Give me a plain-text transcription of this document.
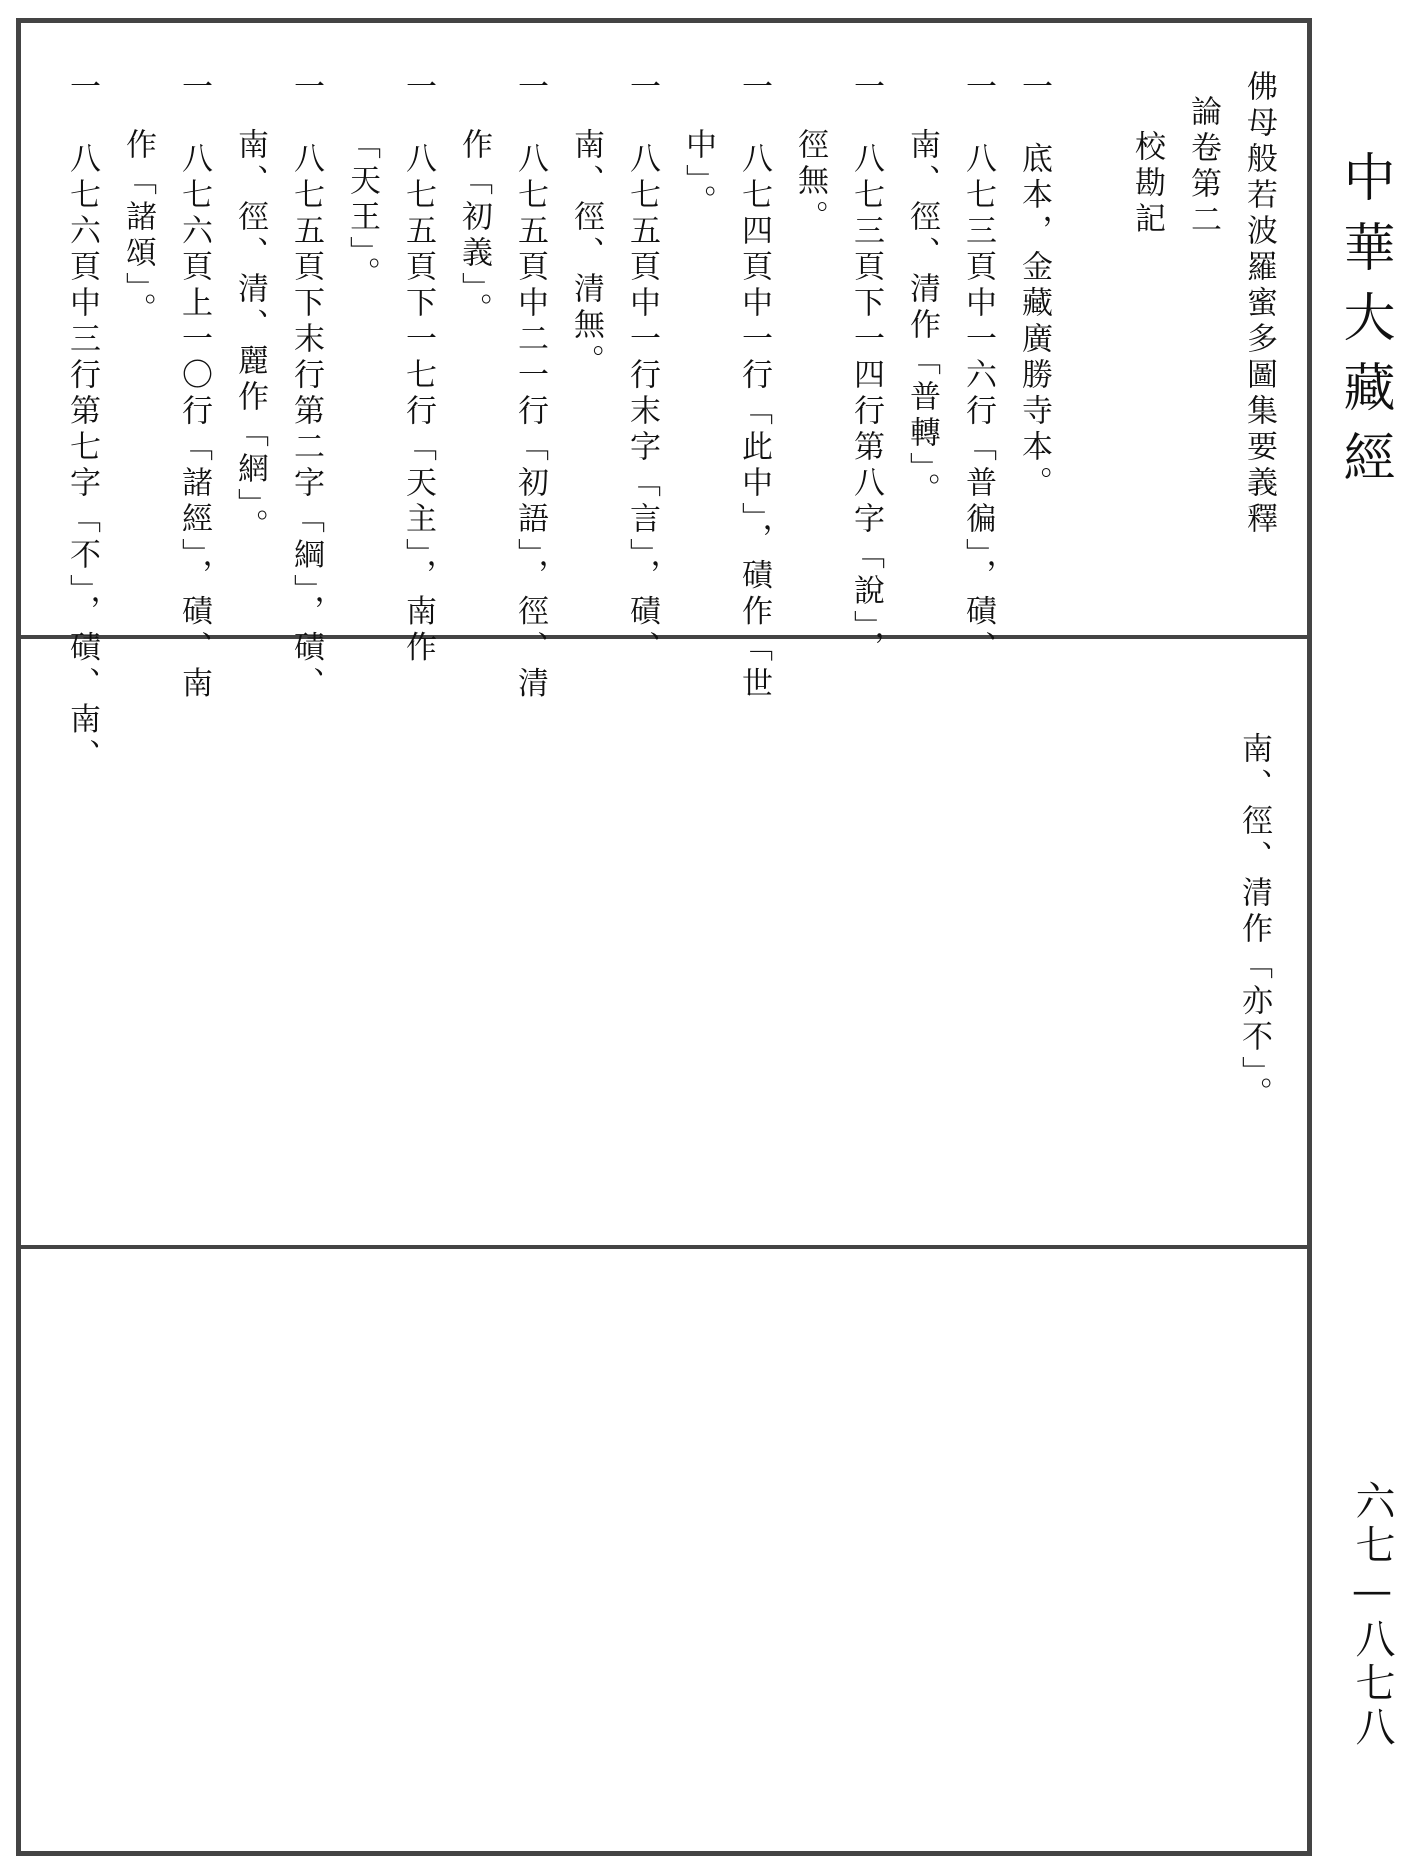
中華大藏經
六七—八七八
佛母般若波羅蜜多圖集要義釋
論卷第二
校勘記
一　底本，金藏廣勝寺本。
一　八七三頁中一六行「普徧」，磧、
南、徑、清作「普轉」。
一　八七三頁下一四行第八字「說」，
徑無。
一　八七四頁中一行「此中」，磧作「世
中」。
一　八七五頁中一行末字「言」，磧、
南、徑、清無。
一　八七五頁中二一行「初語」，徑、清
作「初義」。
一　八七五頁下一七行「天主」，南作
「天王」。
一　八七五頁下末行第二字「綱」，磧、
南、徑、清、麗作「網」。
一　八七六頁上一〇行「諸經」，磧、南
作「諸頌」。
一　八七六頁中三行第七字「不」，磧、南、
南、徑、清作「亦不」。
